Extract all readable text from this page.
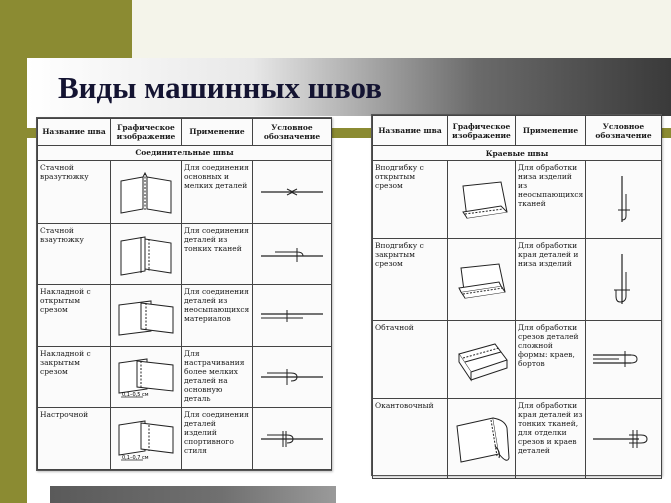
Виды машинных швов
Название шва	Графическое изображение	Применение	Условное обозначение
Соединительные швы			
Стачной вразутюжку		Для соединения основных и мелких деталей	

Стачной взаутюжку		Для соединения деталей из тонких тканей	

Накладной с открытым срезом		Для соединения деталей из неосыпающихся материалов	

Накладной с закрытым срезом	0,1–0,5 см	Для настрачивания более мелких деталей на основную деталь	

Настрочной	0,1–0,7 см	Для соединения деталей изделий спортивного стиля	
Название шва	Графическое изображение	Применение	Условное обозначение
Краевые швы			
Вподгибку с открытым срезом		Для обработки низа изделий из неосыпающихся тканей	

Вподгибку с закрытым срезом		Для обработки края деталей и низа изделий	

Обтачной		Для обработки срезов деталей сложной формы: краев, бортов	

Окантовочный		Для обработки края деталей из тонких тканей, для отделки срезов и краев деталей	
